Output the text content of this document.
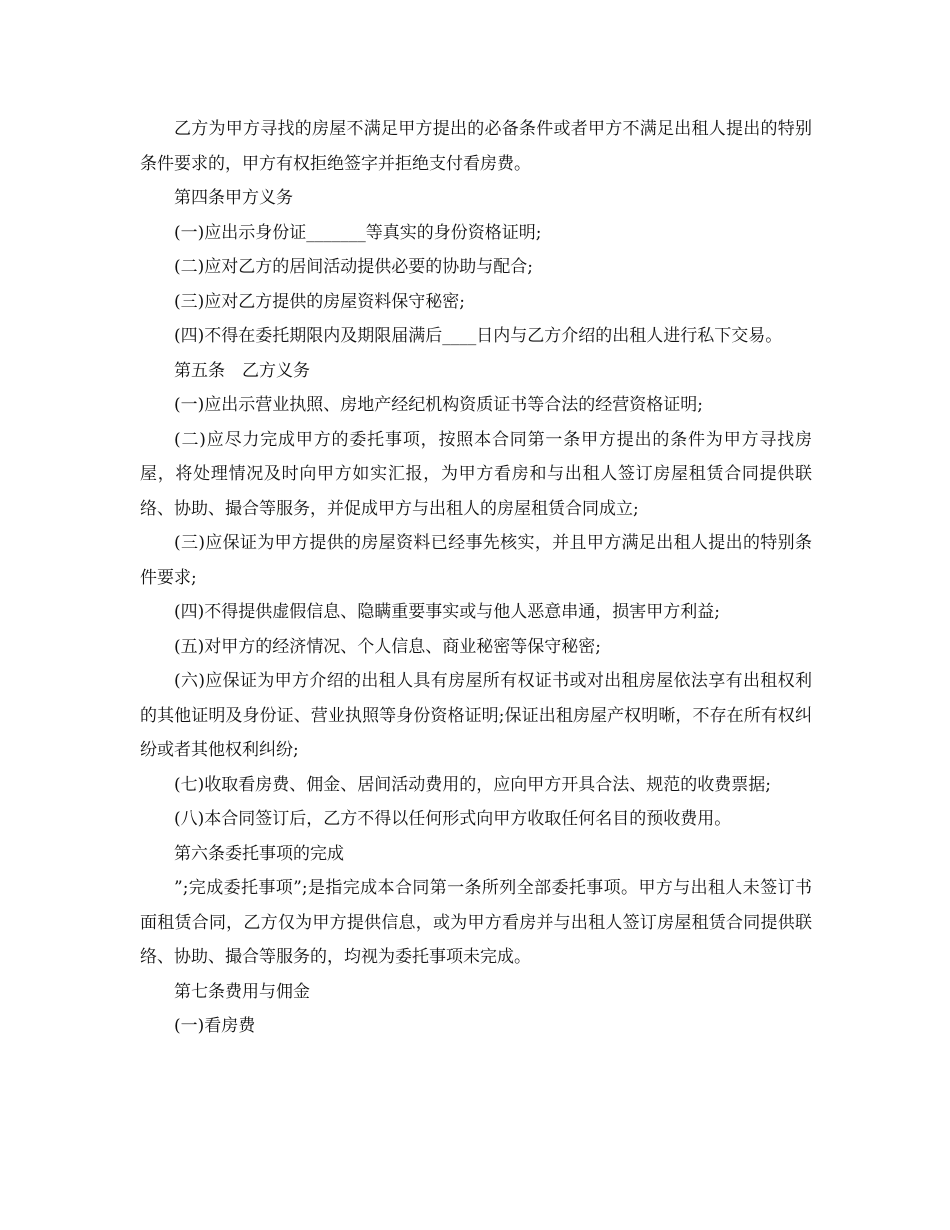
乙方为甲方寻找的房屋不满足甲方提出的必备条件或者甲方不满足出租人提出的特别条件要求的，甲方有权拒绝签字并拒绝支付看房费。

第四条甲方义务

(一)应出示身份证_______等真实的身份资格证明;

(二)应对乙方的居间活动提供必要的协助与配合;

(三)应对乙方提供的房屋资料保守秘密;

(四)不得在委托期限内及期限届满后____日内与乙方介绍的出租人进行私下交易。

第五条　乙方义务

(一)应出示营业执照、房地产经纪机构资质证书等合法的经营资格证明;

(二)应尽力完成甲方的委托事项，按照本合同第一条甲方提出的条件为甲方寻找房屋，将处理情况及时向甲方如实汇报，为甲方看房和与出租人签订房屋租赁合同提供联络、协助、撮合等服务，并促成甲方与出租人的房屋租赁合同成立;

(三)应保证为甲方提供的房屋资料已经事先核实，并且甲方满足出租人提出的特别条件要求;

(四)不得提供虚假信息、隐瞒重要事实或与他人恶意串通，损害甲方利益;

(五)对甲方的经济情况、个人信息、商业秘密等保守秘密;

(六)应保证为甲方介绍的出租人具有房屋所有权证书或对出租房屋依法享有出租权利的其他证明及身份证、营业执照等身份资格证明;保证出租房屋产权明晰，不存在所有权纠纷或者其他权利纠纷;

(七)收取看房费、佣金、居间活动费用的，应向甲方开具合法、规范的收费票据;

(八)本合同签订后，乙方不得以任何形式向甲方收取任何名目的预收费用。

第六条委托事项的完成

”;完成委托事项”;是指完成本合同第一条所列全部委托事项。甲方与出租人未签订书面租赁合同，乙方仅为甲方提供信息，或为甲方看房并与出租人签订房屋租赁合同提供联络、协助、撮合等服务的，均视为委托事项未完成。

第七条费用与佣金

(一)看房费
